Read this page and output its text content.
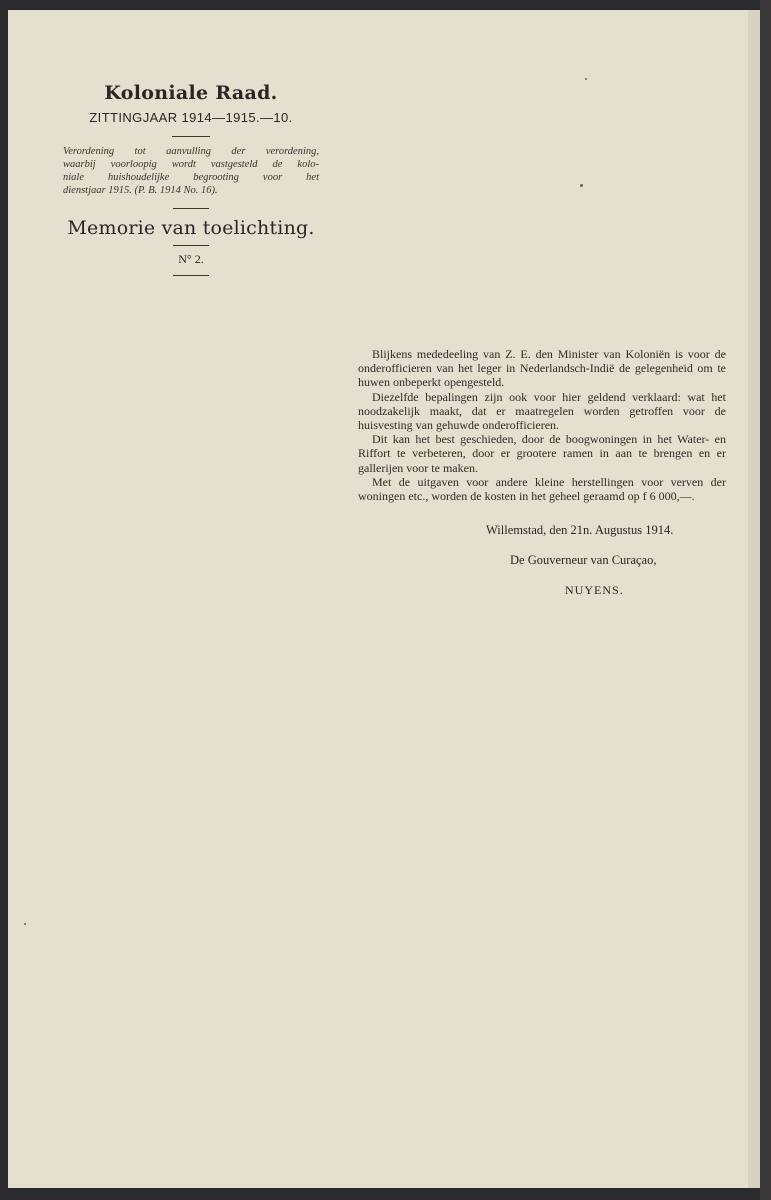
Koloniale Raad.
ZITTINGJAAR 1914—1915.—10.
Verordening tot aanvulling der verordening,
waarbij voorloopig wordt vastgesteld de kolo-
niale huishoudelijke begrooting voor het
dienstjaar 1915. (P. B. 1914 No. 16).
Memorie van toelichting.
N° 2.

Blijkens mededeeling van Z. E. den Minister van Koloniën is voor de onderofficieren van het leger in Nederlandsch-Indië de gelegenheid om te huwen onbeperkt opengesteld.

Diezelfde bepalingen zijn ook voor hier geldend verklaard: wat het noodzakelijk maakt, dat er maatregelen worden getroffen voor de huisvesting van gehuwde onderofficieren.

Dit kan het best geschieden, door de boogwoningen in het Water- en Riffort te verbeteren, door er grootere ramen in aan te brengen en er gallerijen voor te maken.

Met de uitgaven voor andere kleine herstellingen voor verven der woningen etc., worden de kosten in het geheel geraamd op f 6 000,—.

Willemstad, den 21n. Augustus 1914.
De Gouverneur van Curaçao,
NUYENS.
